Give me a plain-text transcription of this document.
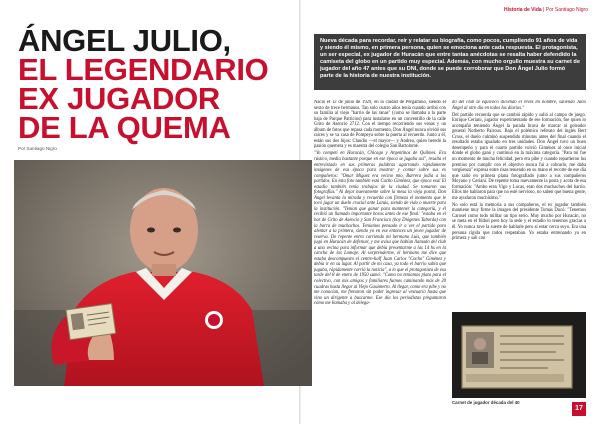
Historia de Vida | Por Santiago Nigro
ÁNGEL JULIO,
EL LEGENDARIO
EX JUGADOR
DE LA QUEMA
Por Santiago Nigro
Nueva década para recordar, reír y relatar su biografía, como pocos, cumpliendo 91 años de vida y siendo él mismo, en primera persona, quien se emociona ante cada respuesta. El protagonista, un ser especial, ex jugador de Huracán que entre tantas anécdotas se resalta haber defendido la camiseta del globo en un partido muy especial. Además, con mucho orgullo muestra su carnet de jugador del año 47 antes que su DNI, donde se puede corroborar que Don Ángel Julio formó parte de la historia de nuestra institución.

Nació el 12 de junio de 1929, en la ciudad de Pergamino, siendo el sexto de trece hermanos. Tan solo cuatro años tenía cuando arribó con su familia al viejo "barrio de las ranas" (como se llamaba a la parte baja de Parque Patricios) para instalarse en un conventillo de la calle Grito de Asencio 2712. Con el tiempo recorriendo sus venas y un álbum de fotos que repasa cada momento, Don Ángel nunca olvidó sus raíces y se va casa de Pompeya sobre la puerta al recuerdo. Junto a él, están sus dos hijos: Claudio —el mayor— y Andrea, quien heredó la pasión quemera y es maestra del colegio San Bartolomé.

"Yo competí en Huracán, Chicago y Argentinos de Quilmes. Era rústico, media bastante porque en ese época se jugaba así", resalta el entrevistado en sus primeras palabras agarrando rápidamente imágenes de esa época para mostrar y contar sobre sus ex compañeros: "Omar Míguez era vecino mío, Barrera jodía a los partidos. En esta foto también está Cacho Giménez, que época esa! El estadio también tenía trabajos de la ciudad. Se tomaron sus fotografías." Al dejar nuevamente sobre la mesa la vieja postal, Don Ángel levanta la mirada y recuerda con firmeza el momento que le tocó jugar un duelo crucial ante Lanús, siendo de vida o muerte para la institución. "Tenían que ganar para mantener la categoría, y él recibió un llamado importante horas antes de ese final: "estaba en el bar de Grito de Asencio y San Francisco (hoy Diógenes Taborda) con la barra de muchachos. Teníamos pensado ir a ver el partido para alentar a la primera, siendo yo en ese entonces un joven jugador de reserva. De repente entra corriendo mi hermano Luis, que también jugó en Huracán de defensor, y me avisa que habían llamado del club a una vecina para informar que debía presentarme a las 14 hs en la cancha de los Lomaje. Al sorprenderme, el hermano me dice que estaba descompuesto el centro-half Juan Carlos "Cacho" Giménez y debía ir en su lugar. Al partir de mi casa, ya todo el barrio sabía que jugaba, rápidamente corrió la noticia", a lo que el protagonista de esa tarde del 8 de enero de 1950 sumó: "Como no teníamos plata para el colectivo, con mis amigos y familiares fuimos caminando más de 20 cuadras hasta llegar al Viejo Gasómetro. Al llegar, como era pibe y no me conocían, me frenaron sin poder ingresar al vestuario hasta que vino un dirigente a buscarme. Ese día los periodistas preguntaron cómo me llamaba y al delega-

do del club se equivocó diciendo el revés mi nombre, saliendo Julio Ángel al otro día en todos los diarios."

Del partido recuerda que se cambió rápido y salió al campo de juego. Enrique Ceriani, jugador experimentado de ese formación, fue quien lo acompañó teniendo Ángel la parada brava de marcar al goleador general Norberto Pairoux. Bajo el polémico referato del inglés Bert Cross, el duelo culminó suspendido minutos antes del final cuando el resultado estaba igualado en tres unidades. Don Ángel tuvo un buen desempeño y para el cuarto partido volvió Giménez al once inicial donde el globo ganó y continuó en la máxima categoría. "Para mí fue un momento de mucha felicidad, pero era pibe y cuando repartieron los premios por cumplir con el objetivo nunca fui a cobrarlo, me daba vergüenza" expresa entre risas teniendo en su mano el recorte de ese día que salió en primera plana fotografiado junto a sus compañeros Moyano y Ceriani. De repente toma nuevamente la posta y acota de esa formación: "Ambo eran Vigo y Lucas, eran dos muchachos del barrio. Ellos me hablaron para que no esté nervioso, no saben que buena gente, me ayudaron muchísimo."

No solo está la memoria a sus compañeros, el ex jugador también mantiene muy firme la imagen del presidente Tomás Ducó: "Tenemos Carosel como todo militar un tipo serio. Muy mucho por Huracán, no se meta en el fútbol pero hoy la sede y el estadio lo tenemos gracias a él. Yo nunca tuve la suerte de hablarle pero si estar cerca suyo. Era una persona rígida que todos respetaban. Yo estaba entrenando ya en primera y sali con

Carnet de jugador década del 40
17
